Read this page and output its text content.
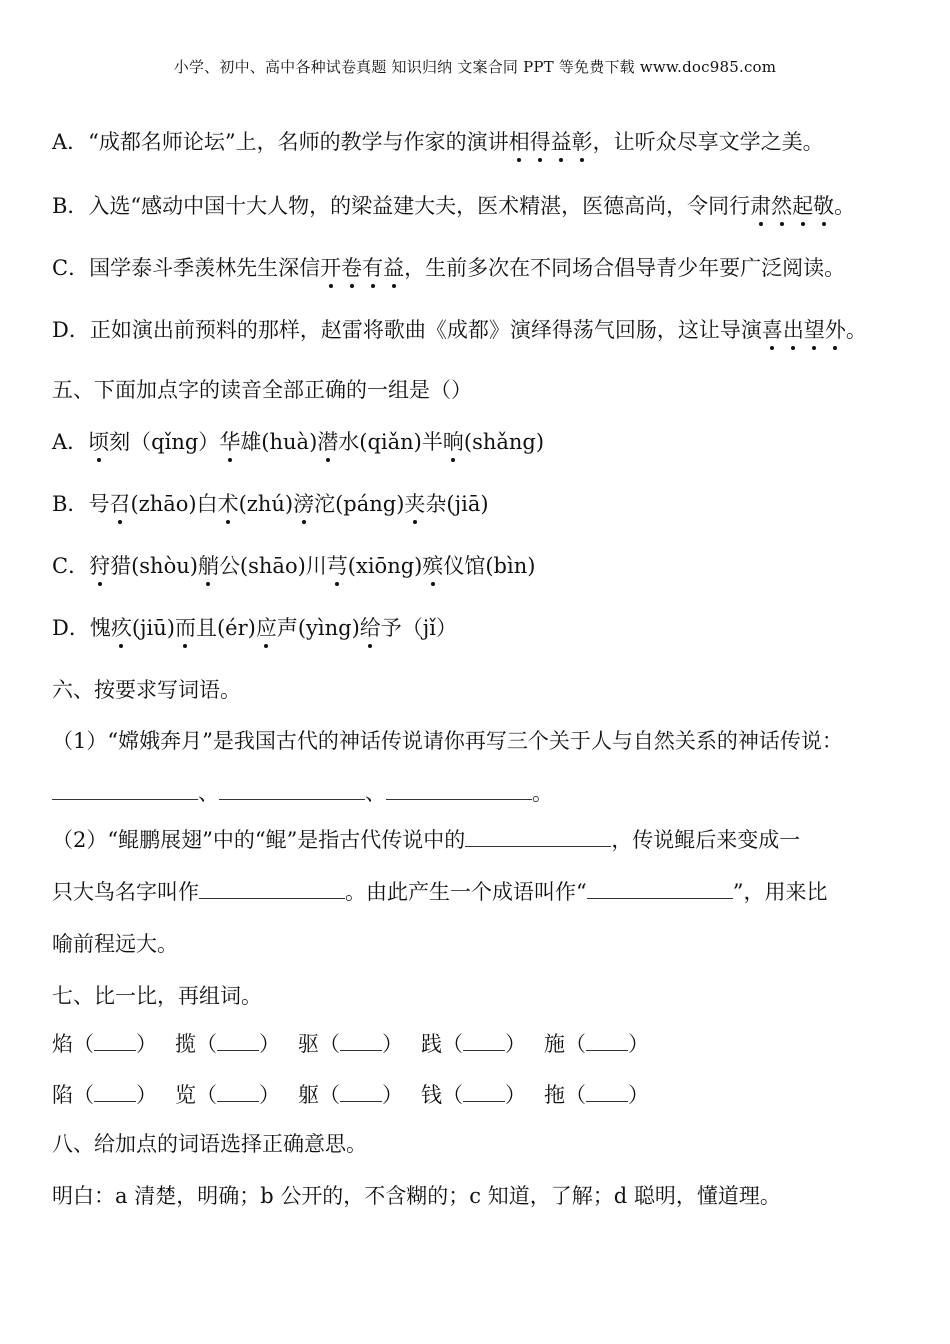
小学、初中、高中各种试卷真题 知识归纳 文案合同 PPT 等免费下载 www.doc985.com
A．“成都名师论坛”上，名师的教学与作家的演讲相得益彰，让听众尽享文学之美。
B．入选“感动中国十大人物，的梁益建大夫，医术精湛，医德高尚，令同行肃然起敬。
C．国学泰斗季羡林先生深信开卷有益，生前多次在不同场合倡导青少年要广泛阅读。
D．正如演出前预料的那样，赵雷将歌曲《成都》演绎得荡气回肠，这让导演喜出望外。
五、下面加点字的读音全部正确的一组是（）
A．顷刻（qǐng）华雄(huà)潜水(qiǎn)半晌(shǎng)
B．号召(zhāo)白术(zhú)滂沱(páng)夹杂(jiā)
C．狩猎(shòu)艄公(shāo)川芎(xiōng)殡仪馆(bìn)
D．愧疚(jiū)而且(ér)应声(yìng)给予（jǐ）
六、按要求写词语。
（1）“嫦娥奔月”是我国古代的神话传说请你再写三个关于人与自然关系的神话传说：
、	、	。
（2）“鲲鹏展翅”中的“鲲”是指古代传说中的	，传说鲲后来变成一
只大鸟名字叫作	。由此产生一个成语叫作“	”，用来比
喻前程远大。
七、比一比，再组词。
焰（ ） 揽（ ） 驱（ ） 践（ ） 施（ ）
陷（ ） 览（ ） 躯（ ） 钱（ ） 拖（ ）
八、给加点的词语选择正确意思。
明白：a 清楚，明确；b 公开的，不含糊的；c 知道，了解；d 聪明，懂道理。
